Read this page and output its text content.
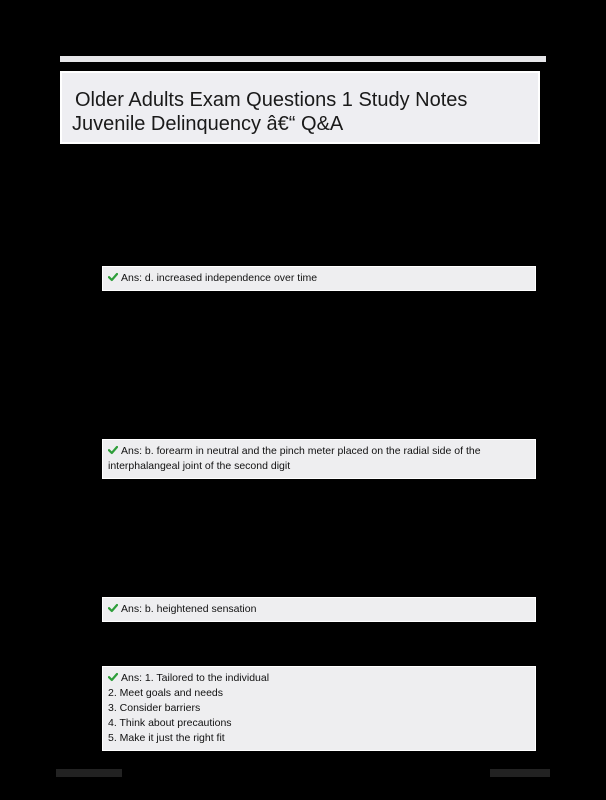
Older Adults Exam Questions 1 Study Notes
Juvenile Delinquency â€“ Q&A
Ans: d. increased independence over time
Ans: b. forearm in neutral and the pinch meter placed on the radial side of the
interphalangeal joint of the second digit
Ans: b. heightened sensation
Ans: 1. Tailored to the individual
2. Meet goals and needs
3. Consider barriers
4. Think about precautions
5. Make it just the right fit
